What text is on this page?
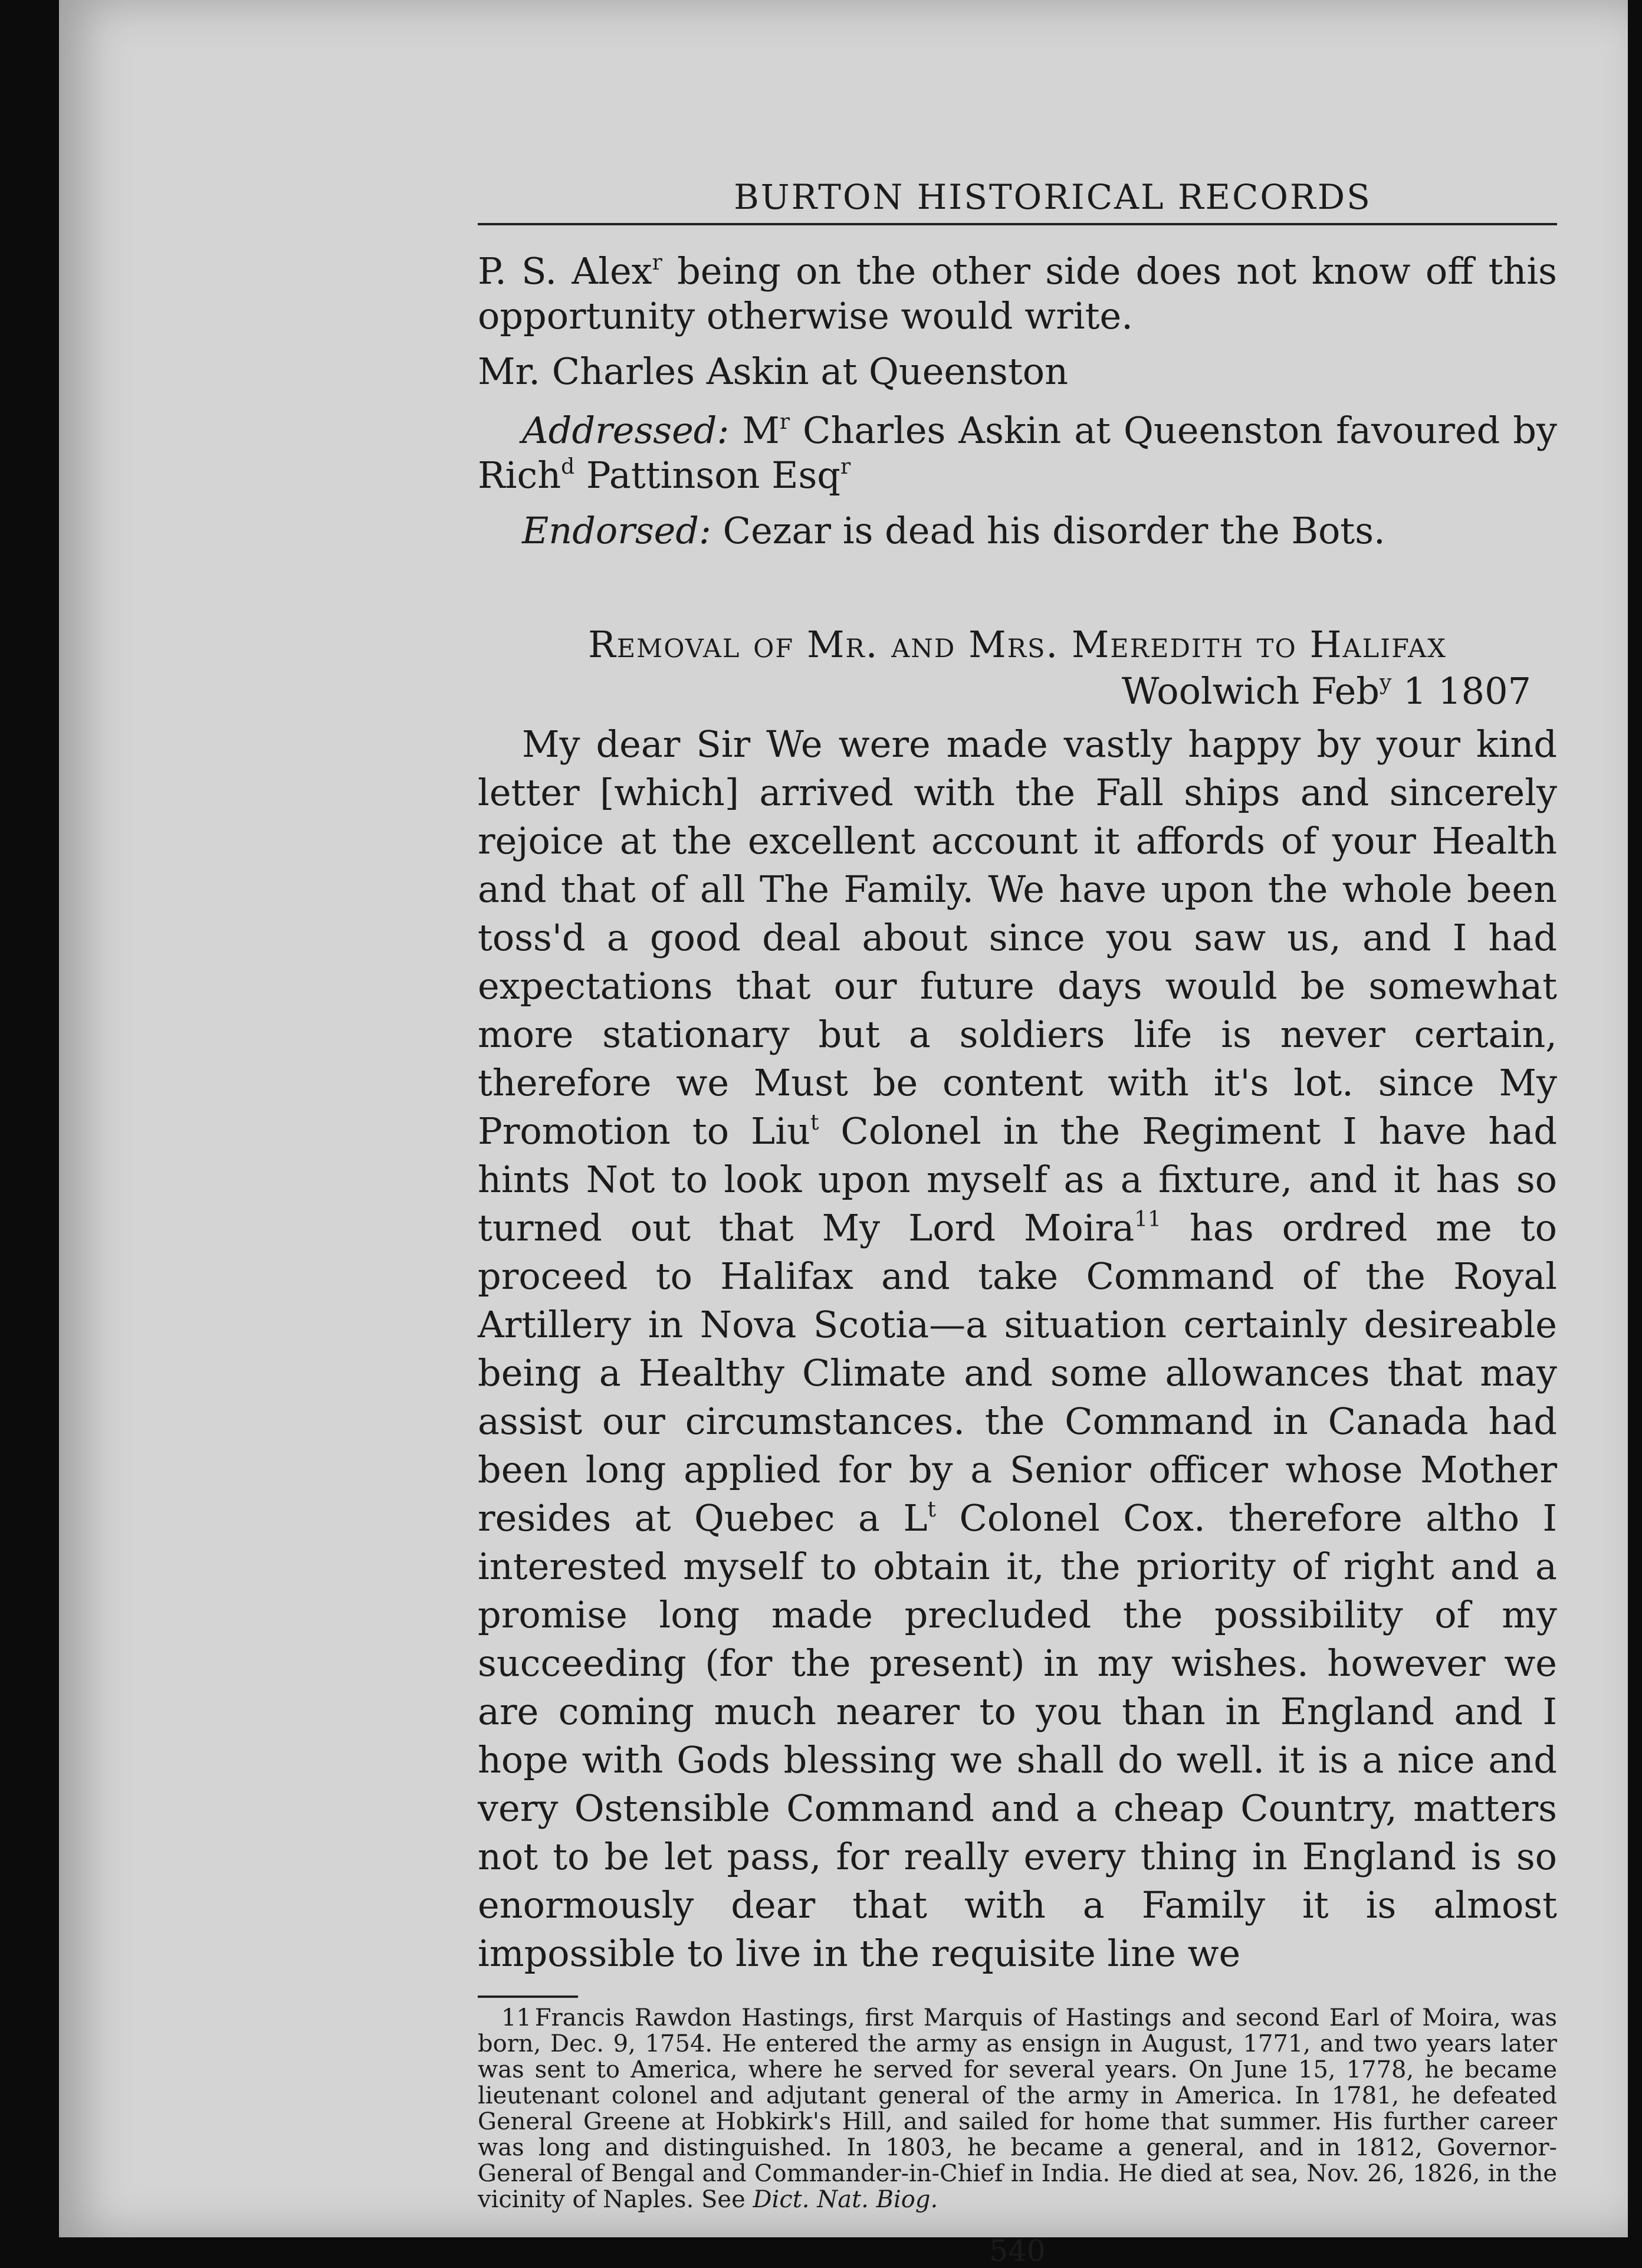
BURTON HISTORICAL RECORDS

P. S. Alex$^r$ being on the other side does not know off this opportunity otherwise would write.

Mr. Charles Askin at Queenston

Addressed: $M^r$ Charles Askin at Queenston favoured by Rich$^d$ Pattinson Esq$^r$

Endorsed: Cezar is dead his disorder the Bots.

Removal of Mr. and Mrs. Meredith to Halifax
Woolwich Feb$^y$ 1 1807

My dear Sir We were made vastly happy by your kind letter [which] arrived with the Fall ships and sincerely rejoice at the excellent account it affords of your Health and that of all The Family. We have upon the whole been toss'd a good deal about since you saw us, and I had expectations that our future days would be somewhat more stationary but a soldiers life is never certain, therefore we Must be content with it's lot. since My Promotion to Liu$^t$ Colonel in the Regiment I have had hints Not to look upon myself as a fixture, and it has so turned out that My Lord Moira$^{11}$ has ordred me to proceed to Halifax and take Command of the Royal Artillery in Nova Scotia—a situation certainly desireable being a Healthy Climate and some allowances that may assist our circumstances. the Command in Canada had been long applied for by a Senior officer whose Mother resides at Quebec a $L^t$ Colonel Cox. therefore altho I interested myself to obtain it, the priority of right and a promise long made precluded the possibility of my succeeding (for the present) in my wishes. however we are coming much nearer to you than in England and I hope with Gods blessing we shall do well. it is a nice and very Ostensible Command and a cheap Country, matters not to be let pass, for really every thing in England is so enormously dear that with a Family it is almost impossible to live in the requisite line we

11 Francis Rawdon Hastings, first Marquis of Hastings and second Earl of Moira, was born, Dec. 9, 1754. He entered the army as ensign in August, 1771, and two years later was sent to America, where he served for several years. On June 15, 1778, he became lieutenant colonel and adjutant general of the army in America. In 1781, he defeated General Greene at Hobkirk's Hill, and sailed for home that summer. His further career was long and distinguished. In 1803, he became a general, and in 1812, Governor-General of Bengal and Commander-in-Chief in India. He died at sea, Nov. 26, 1826, in the vicinity of Naples. See Dict. Nat. Biog.

540
